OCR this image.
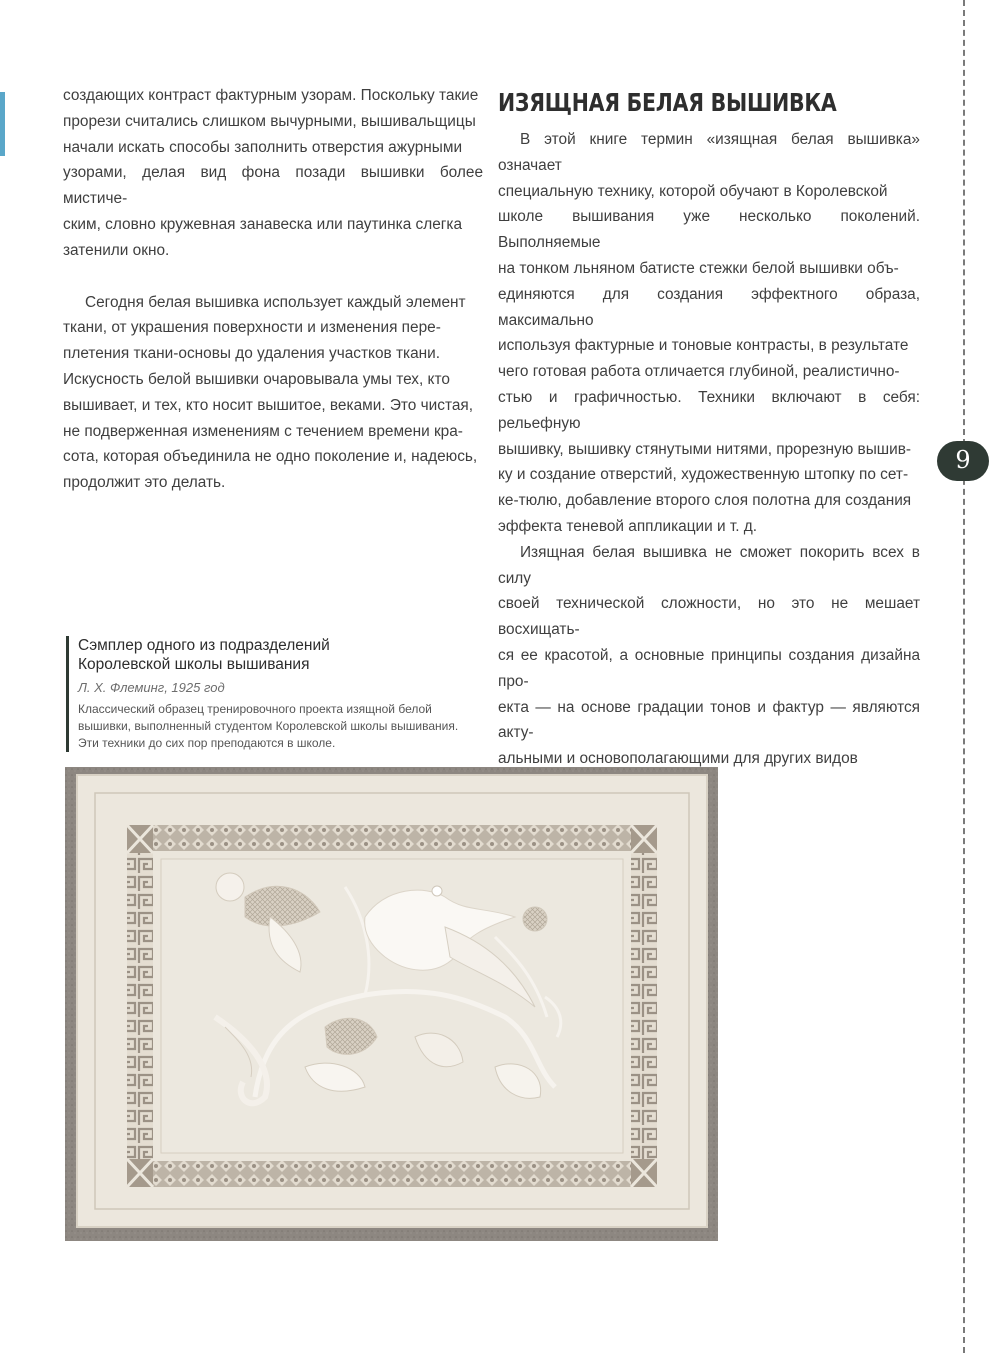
создающих контраст фактурным узорам. Поскольку такие

прорези считались слишком вычурными, вышивальщицы

начали искать способы заполнить отверстия ажурными

узорами, делая вид фона позади вышивки более мистиче-

ским, словно кружевная занавеска или паутинка слегка

затенили окно.

Сегодня белая вышивка использует каждый элемент

ткани, от украшения поверхности и изменения пере-

плетения ткани-основы до удаления участков ткани.

Искусность белой вышивки очаровывала умы тех, кто

вышивает, и тех, кто носит вышитое, веками. Это чистая,

не подверженная изменениям с течением времени кра-

сота, которая объединила не одно поколение и, надеюсь,

продолжит это делать.

ИЗЯЩНАЯ БЕЛАЯ ВЫШИВКА

В этой книге термин «изящная белая вышивка» означает

специальную технику, которой обучают в Королевской

школе вышивания уже несколько поколений. Выполняемые

на тонком льняном батисте стежки белой вышивки объ-

единяются для создания эффектного образа, максимально

используя фактурные и тоновые контрасты, в результате

чего готовая работа отличается глубиной, реалистично-

стью и графичностью. Техники включают в себя: рельефную

вышивку, вышивку стянутыми нитями, прорезную вышив-

ку и создание отверстий, художественную штопку по сет-

ке-тюлю, добавление второго слоя полотна для создания

эффекта теневой аппликации и т. д.

Изящная белая вышивка не сможет покорить всех в силу

своей технической сложности, но это не мешает восхищать-

ся ее красотой, а основные принципы создания дизайна про-

екта — на основе градации тонов и фактур — являются акту-

альными и основополагающими для других видов

9
Сэмплер одного из подразделений
Королевской школы вышивания
Л. Х. Флеминг, 1925 год
Классический образец тренировочного проекта изящной белой
вышивки, выполненный студентом Королевской школы вышивания.
Эти техники до сих пор преподаются в школе.
